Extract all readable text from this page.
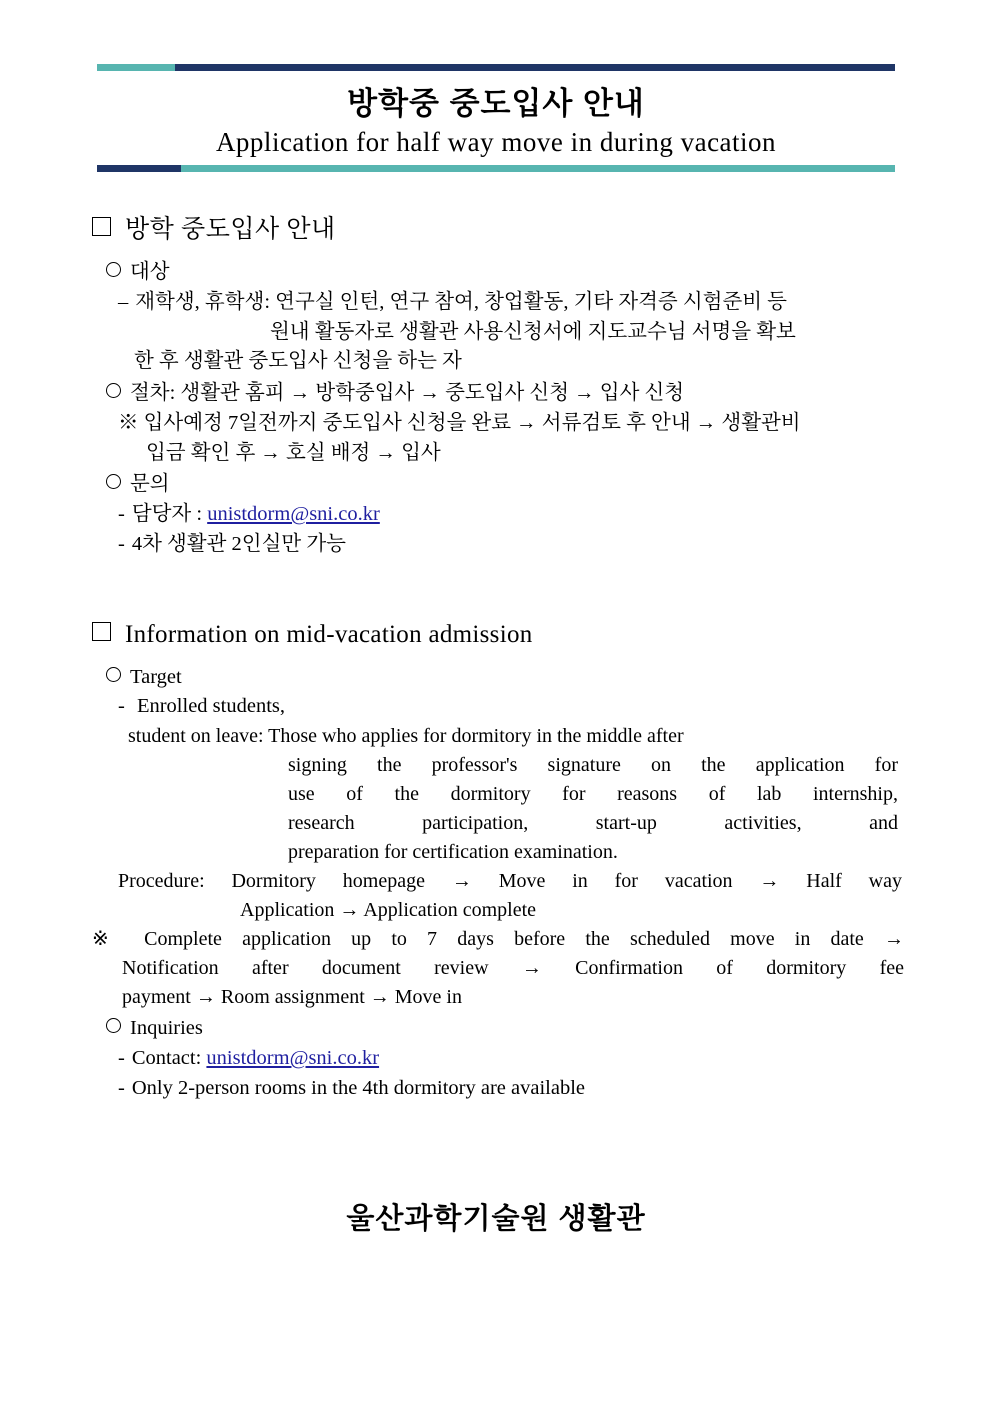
방학중 중도입사 안내
Application for half way move in during vacation
방학 중도입사 안내
대상
– 재학생, 휴학생: 연구실 인턴, 연구 참여, 창업활동, 기타 자격증 시험준비 등
원내 활동자로 생활관 사용신청서에 지도교수님 서명을 확보
한 후 생활관 중도입사 신청을 하는 자
절차: 생활관 홈피 → 방학중입사 → 중도입사 신청 → 입사 신청
※ 입사예정 7일전까지 중도입사 신청을 완료 → 서류검토 후 안내 → 생활관비
입금 확인 후 → 호실 배정 → 입사
문의
- 담당자 : unistdorm@sni.co.kr
- 4차 생활관 2인실만 가능
Information on mid-vacation admission
Target
- Enrolled students,
student on leave: Those who applies for dormitory in the middle after
signing the professor's signature on the application for
use of the dormitory for reasons of lab internship,
research participation, start-up activities, and
preparation for certification examination.
Procedure: Dormitory homepage → Move in for vacation → Half way
Application → Application complete
※ Complete application up to 7 days before the scheduled move in date →
Notification after document review → Confirmation of dormitory fee
payment → Room assignment → Move in
Inquiries
- Contact: unistdorm@sni.co.kr
- Only 2-person rooms in the 4th dormitory are available
울산과학기술원 생활관
